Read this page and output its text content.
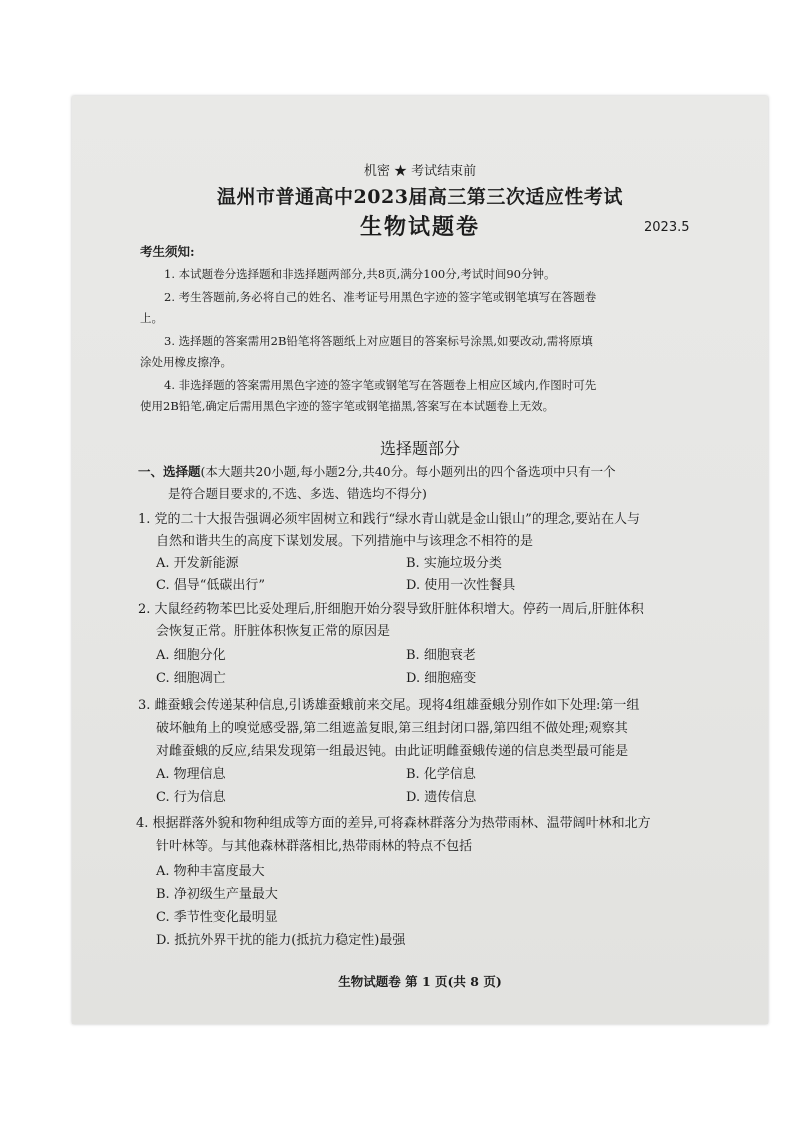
机密 ★ 考试结束前
温州市普通高中2023届高三第三次适应性考试
生物试题卷	2023.5
考生须知:
1. 本试题卷分选择题和非选择题两部分,共8页,满分100分,考试时间90分钟。
2. 考生答题前,务必将自己的姓名、准考证号用黑色字迹的签字笔或钢笔填写在答题卷
上。
3. 选择题的答案需用2B铅笔将答题纸上对应题目的答案标号涂黑,如要改动,需将原填
涂处用橡皮擦净。
4. 非选择题的答案需用黑色字迹的签字笔或钢笔写在答题卷上相应区域内,作图时可先
使用2B铅笔,确定后需用黑色字迹的签字笔或钢笔描黑,答案写在本试题卷上无效。
选择题部分
一、选择题(本大题共20小题,每小题2分,共40分。每小题列出的四个备选项中只有一个
是符合题目要求的,不选、多选、错选均不得分)
1. 党的二十大报告强调必须牢固树立和践行“绿水青山就是金山银山”的理念,要站在人与
自然和谐共生的高度下谋划发展。下列措施中与该理念不相符的是
A. 开发新能源	B. 实施垃圾分类
C. 倡导“低碳出行”	D. 使用一次性餐具
2. 大鼠经药物苯巴比妥处理后,肝细胞开始分裂导致肝脏体积增大。停药一周后,肝脏体积
会恢复正常。肝脏体积恢复正常的原因是
A. 细胞分化	B. 细胞衰老
C. 细胞凋亡	D. 细胞癌变
3. 雌蚕蛾会传递某种信息,引诱雄蚕蛾前来交尾。现将4组雄蚕蛾分别作如下处理:第一组
破坏触角上的嗅觉感受器,第二组遮盖复眼,第三组封闭口器,第四组不做处理;观察其
对雌蚕蛾的反应,结果发现第一组最迟钝。由此证明雌蚕蛾传递的信息类型最可能是
A. 物理信息	B. 化学信息
C. 行为信息	D. 遗传信息
4. 根据群落外貌和物种组成等方面的差异,可将森林群落分为热带雨林、温带阔叶林和北方
针叶林等。与其他森林群落相比,热带雨林的特点不包括
A. 物种丰富度最大
B. 净初级生产量最大
C. 季节性变化最明显
D. 抵抗外界干扰的能力(抵抗力稳定性)最强
生物试题卷 第 1 页(共 8 页)
